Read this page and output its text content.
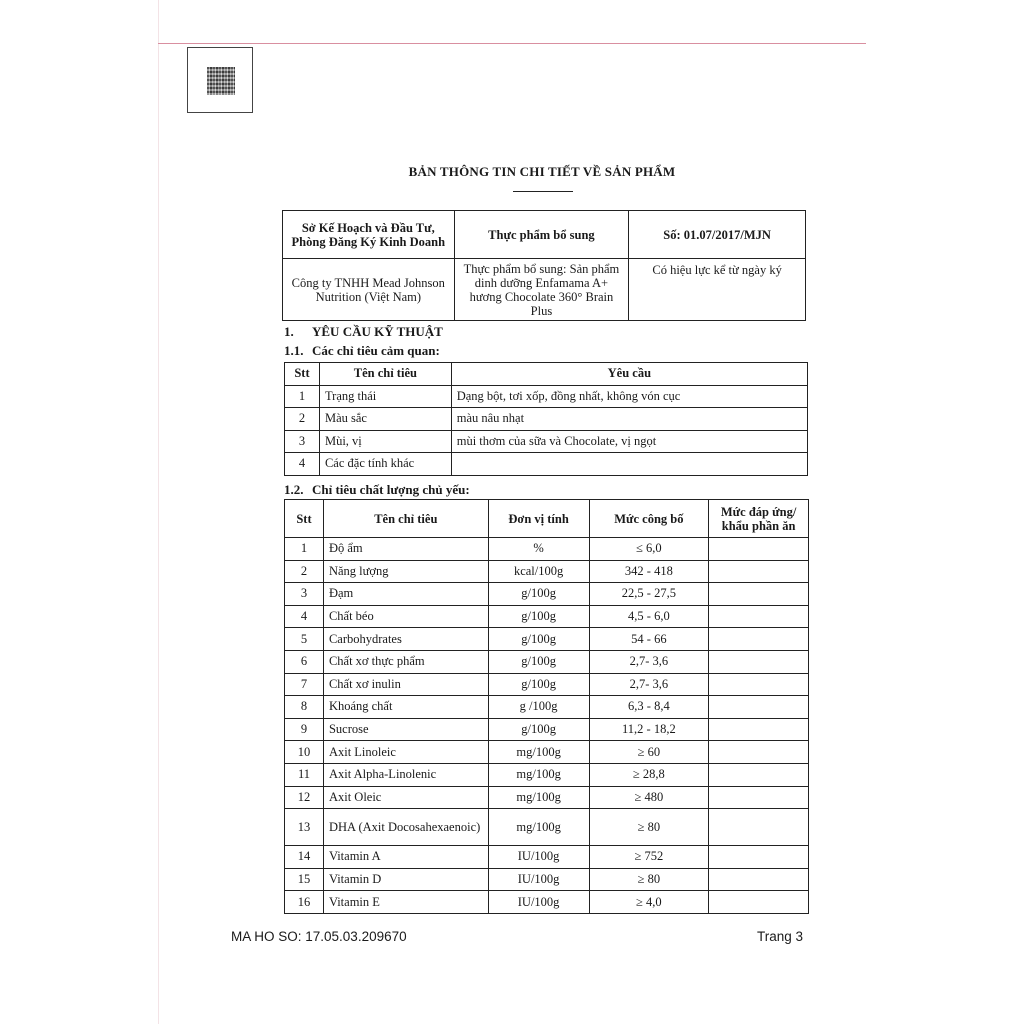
BẢN THÔNG TIN CHI TIẾT VỀ SẢN PHẨM
Sở Kế Hoạch và Đầu Tư, Phòng Đăng Ký Kinh Doanh	Thực phẩm bổ sung	Số: 01.07/2017/MJN
Công ty TNHH Mead Johnson Nutrition (Việt Nam)	Thực phẩm bổ sung: Sản phẩm dinh dưỡng Enfamama A+ hương Chocolate 360° Brain Plus	Có hiệu lực kể từ ngày ký
1. YÊU CẦU KỸ THUẬT
1.1. Các chỉ tiêu cảm quan:
Stt	Tên chỉ tiêu	Yêu cầu
1	Trạng thái	Dạng bột, tơi xốp, đồng nhất, không vón cục
2	Màu sắc	màu nâu nhạt
3	Mùi, vị	mùi thơm của sữa và Chocolate, vị ngọt
4	Các đặc tính khác	
1.2. Chỉ tiêu chất lượng chủ yếu:
Stt	Tên chỉ tiêu	Đơn vị tính	Mức công bố	Mức đáp ứng/ khẩu phần ăn
1	Độ ẩm	%	≤ 6,0	
2	Năng lượng	kcal/100g	342 - 418	
3	Đạm	g/100g	22,5 - 27,5	
4	Chất béo	g/100g	4,5 - 6,0	
5	Carbohydrates	g/100g	54 - 66	
6	Chất xơ thực phẩm	g/100g	2,7- 3,6	
7	Chất xơ inulin	g/100g	2,7- 3,6	
8	Khoáng chất	g /100g	6,3 - 8,4	
9	Sucrose	g/100g	11,2 - 18,2	
10	Axit Linoleic	mg/100g	≥ 60	
11	Axit Alpha-Linolenic	mg/100g	≥ 28,8	
12	Axit Oleic	mg/100g	≥ 480	
13	DHA (Axit Docosahexaenoic)	mg/100g	≥ 80	
14	Vitamin A	IU/100g	≥ 752	
15	Vitamin D	IU/100g	≥ 80	
16	Vitamin E	IU/100g	≥ 4,0	
MA HO SO: 17.05.03.209670	Trang 3
